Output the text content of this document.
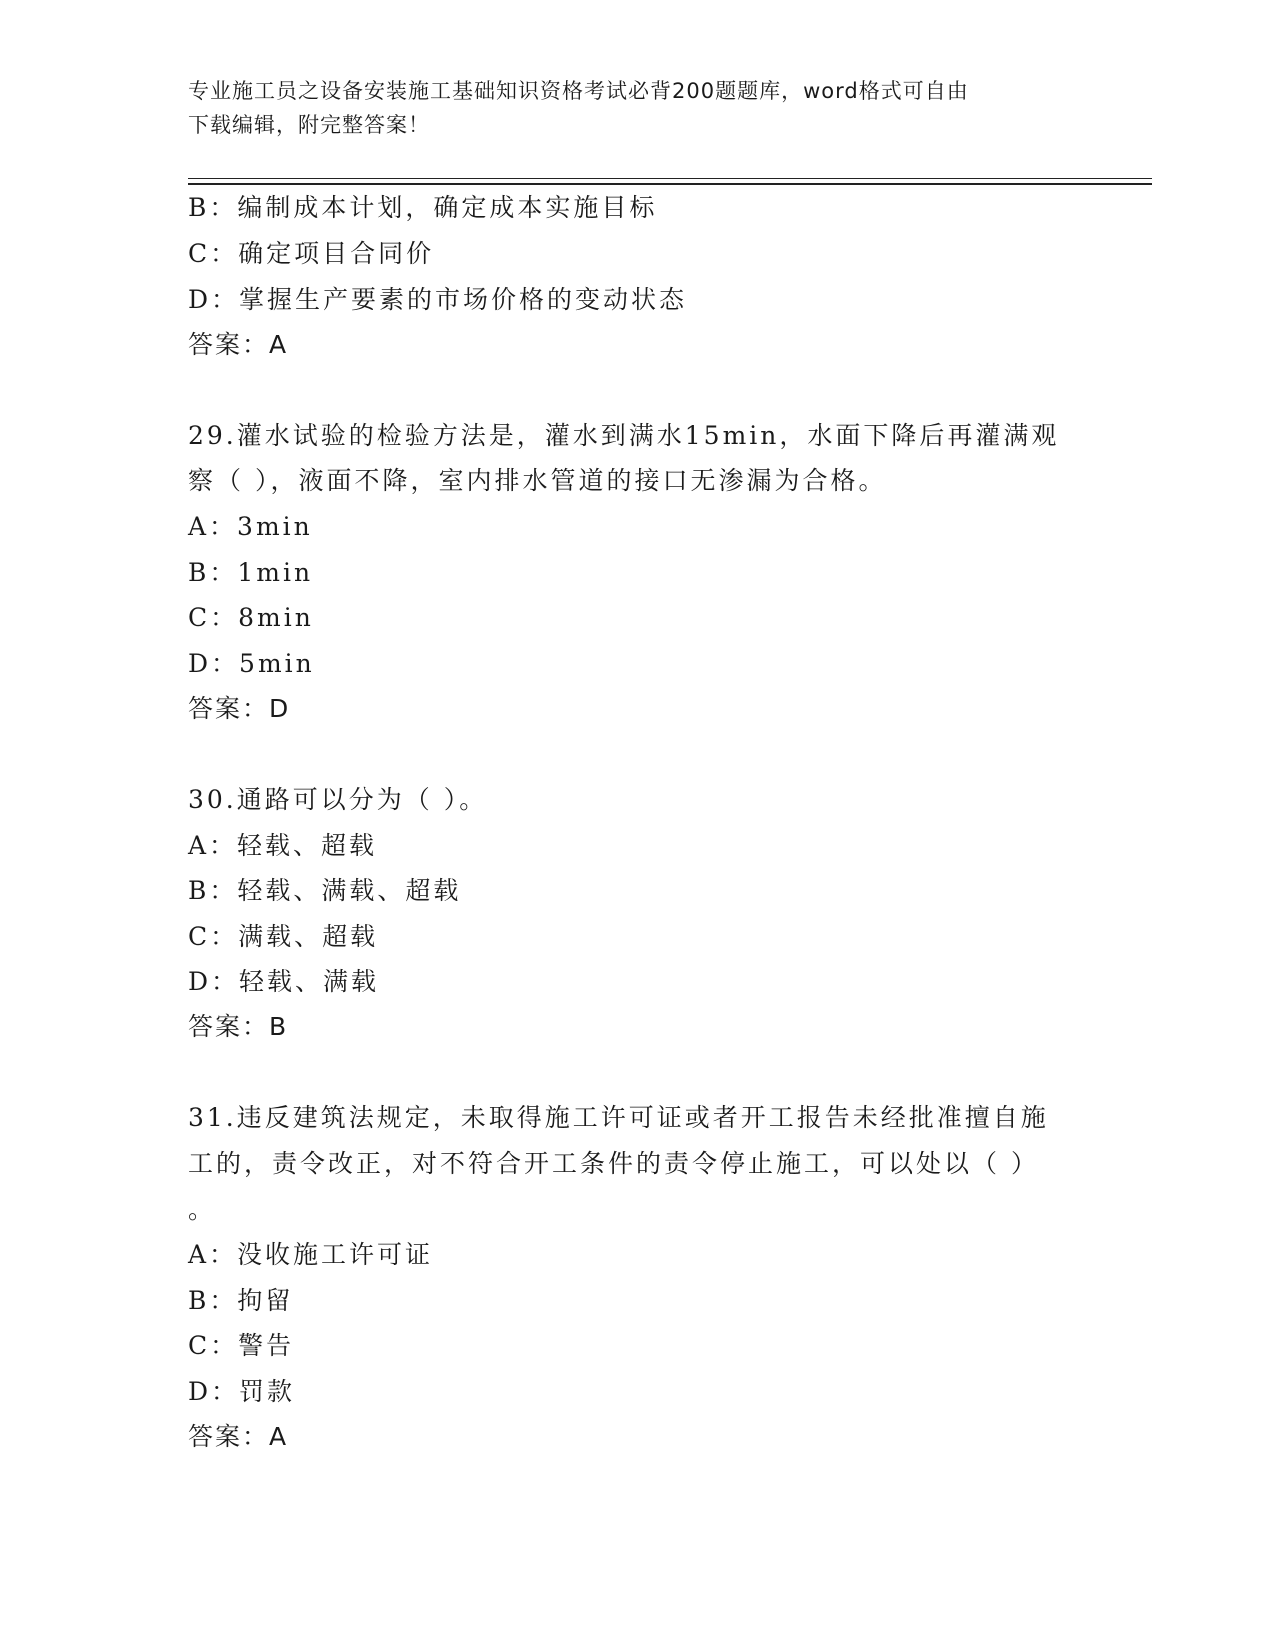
专业施工员之设备安装施工基础知识资格考试必背200题题库，word格式可自由
下载编辑，附完整答案！
B：编制成本计划，确定成本实施目标
C：确定项目合同价
D：掌握生产要素的市场价格的变动状态
答案：A
29.灌水试验的检验方法是，灌水到满水15min，水面下降后再灌满观
察（ ），液面不降，室内排水管道的接口无渗漏为合格。
A：3min
B：1min
C：8min
D：5min
答案：D
30.通路可以分为（ ）。
A：轻载、超载
B：轻载、满载、超载
C：满载、超载
D：轻载、满载
答案：B
31.违反建筑法规定，未取得施工许可证或者开工报告未经批准擅自施
工的，责令改正，对不符合开工条件的责令停止施工，可以处以（ ）
。
A：没收施工许可证
B：拘留
C：警告
D：罚款
答案：A
